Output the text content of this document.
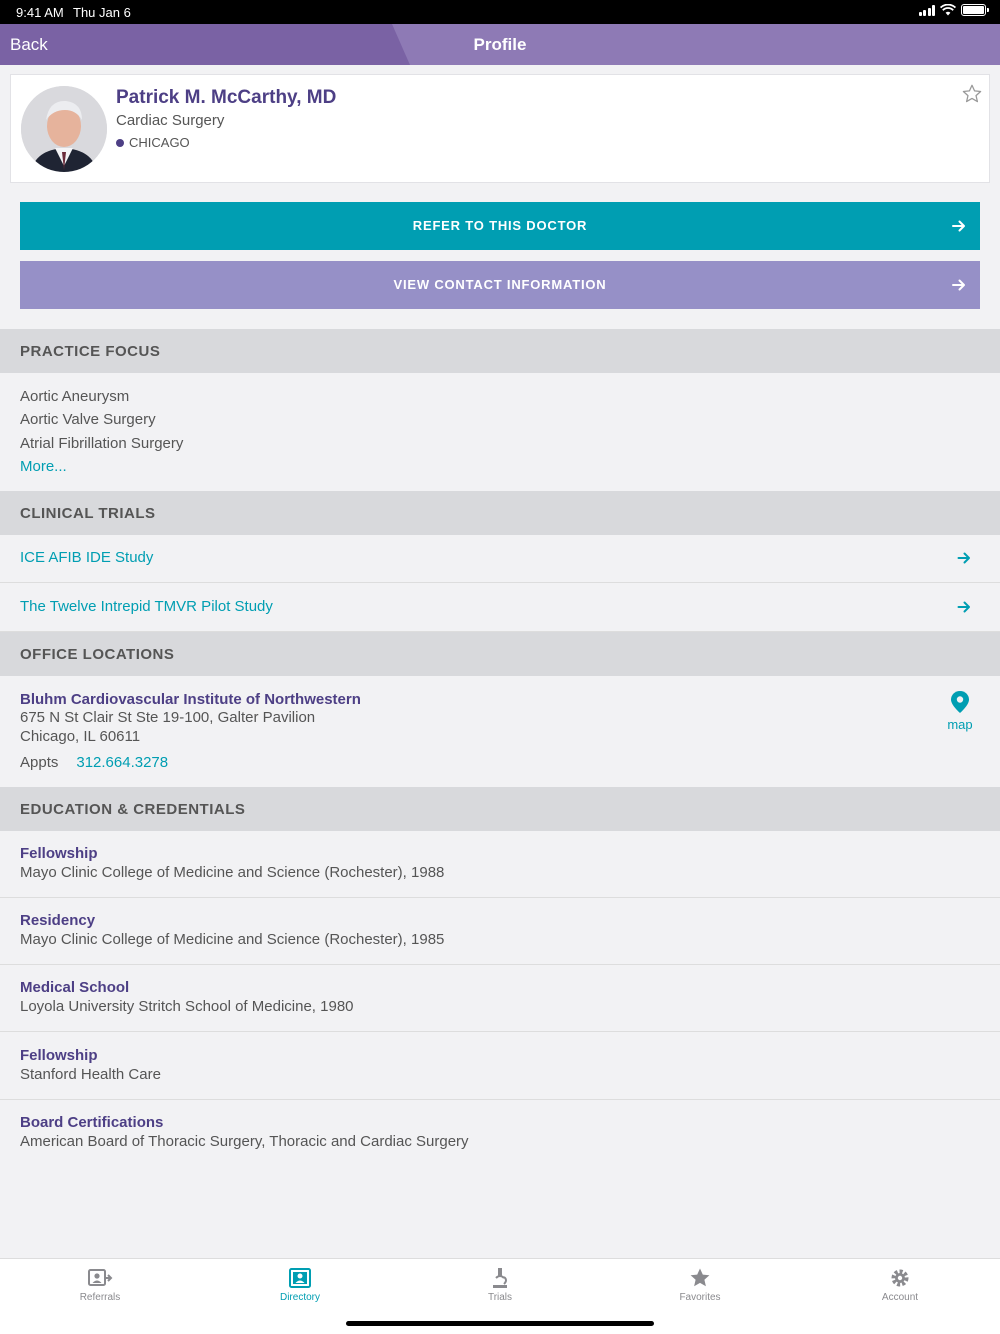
9:41 AM Thu Jan 6
Back	Profile
Patrick M. McCarthy, MD
Cardiac Surgery
CHICAGO
REFER TO THIS DOCTOR
VIEW CONTACT INFORMATION
PRACTICE FOCUS
Aortic Aneurysm
Aortic Valve Surgery
Atrial Fibrillation Surgery
More...
CLINICAL TRIALS
ICE AFIB IDE Study
The Twelve Intrepid TMVR Pilot Study
OFFICE LOCATIONS
Bluhm Cardiovascular Institute of Northwestern
675 N St Clair St Ste 19-100, Galter Pavilion
Chicago, IL 60611
Appts 312.664.3278
map
EDUCATION & CREDENTIALS
Fellowship
Mayo Clinic College of Medicine and Science (Rochester), 1988
Residency
Mayo Clinic College of Medicine and Science (Rochester), 1985
Medical School
Loyola University Stritch School of Medicine, 1980
Fellowship
Stanford Health Care
Board Certifications
American Board of Thoracic Surgery, Thoracic and Cardiac Surgery
Referrals	Directory	Trials	Favorites	Account
